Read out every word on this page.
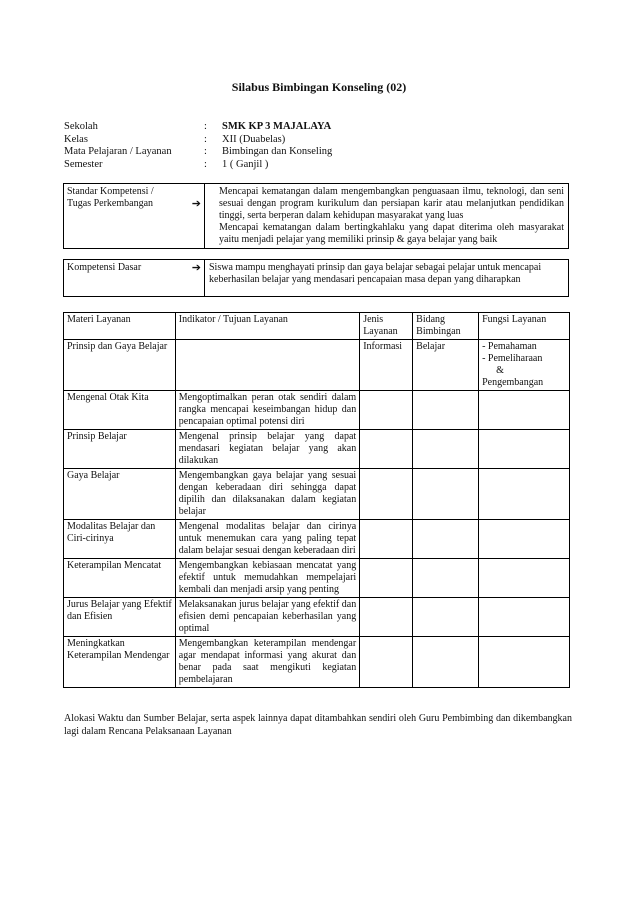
Silabus Bimbingan Konseling (02)
Sekolah	:	SMK KP 3 MAJALAYA
Kelas	:	XII (Duabelas)
Mata Pelajaran / Layanan	:	Bimbingan dan Konseling
Semester	:	1 ( Ganjil )
Standar Kompetensi /
Tugas Perkembangan	➔

Mencapai kematangan dalam mengembangkan penguasaan ilmu, teknologi, dan seni sesuai dengan program kurikulum dan persiapan karir atau melanjutkan pendidikan tinggi, serta berperan dalam kehidupan masyarakat yang luas
Mencapai kematangan dalam bertingkahlaku yang dapat diterima oleh masyarakat yaitu menjadi pelajar yang memiliki prinsip & gaya belajar yang baik
Kompetensi Dasar	➔	Siswa mampu menghayati prinsip dan gaya belajar sebagai pelajar untuk mencapai keberhasilan belajar yang mendasari pencapaian masa depan yang diharapkan
Materi Layanan	Indikator / Tujuan Layanan	Jenis Layanan	Bidang Bimbingan	Fungsi Layanan
Prinsip dan Gaya Belajar		Informasi	Belajar	- Pemahaman
- Pemeliharaan
&
Pengembangan

Mengenal Otak Kita	Mengoptimalkan peran otak sendiri dalam rangka mencapai keseimbangan hidup dan pencapaian optimal potensi diri			
Prinsip Belajar	Mengenal prinsip belajar yang dapat mendasari kegiatan belajar yang akan dilakukan			
Gaya Belajar	Mengembangkan gaya belajar yang sesuai dengan keberadaan diri sehingga dapat dipilih dan dilaksanakan dalam kegiatan belajar			
Modalitas Belajar dan Ciri-cirinya	Mengenal modalitas belajar dan cirinya untuk menemukan cara yang paling tepat dalam belajar sesuai dengan keberadaan diri			
Keterampilan Mencatat	Mengembangkan kebiasaan mencatat yang efektif untuk memudahkan mempelajari kembali dan menjadi arsip yang penting			
Jurus Belajar yang Efektif dan Efisien	Melaksanakan jurus belajar yang efektif dan efisien demi pencapaian keberhasilan yang optimal			
Meningkatkan Keterampilan Mendengar	Mengembangkan keterampilan mendengar agar mendapat informasi yang akurat dan benar pada saat mengikuti kegiatan pembelajaran			
Alokasi Waktu dan Sumber Belajar, serta aspek lainnya dapat ditambahkan sendiri oleh Guru Pembimbing dan dikembangkan lagi dalam Rencana Pelaksanaan Layanan
